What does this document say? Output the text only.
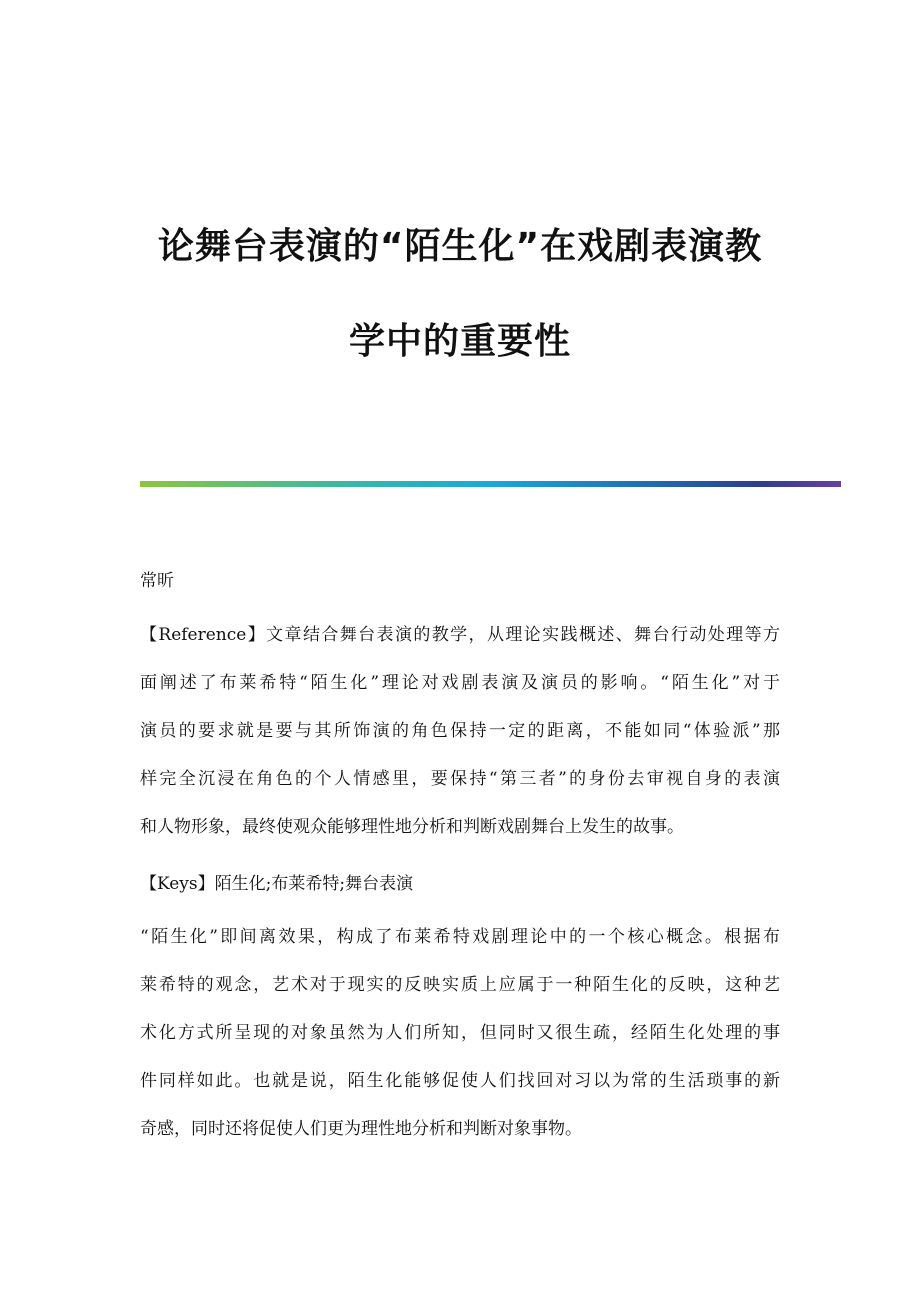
论舞台表演的“陌生化”在戏剧表演教
学中的重要性
常昕
【Reference】文章结合舞台表演的教学，从理论实践概述、舞台行动处理等方
面阐述了布莱希特“陌生化”理论对戏剧表演及演员的影响。“陌生化”对于
演员的要求就是要与其所饰演的角色保持一定的距离，不能如同“体验派”那
样完全沉浸在角色的个人情感里，要保持“第三者”的身份去审视自身的表演
和人物形象，最终使观众能够理性地分析和判断戏剧舞台上发生的故事。
【Keys】陌生化;布莱希特;舞台表演
“陌生化”即间离效果，构成了布莱希特戏剧理论中的一个核心概念。根据布
莱希特的观念，艺术对于现实的反映实质上应属于一种陌生化的反映，这种艺
术化方式所呈现的对象虽然为人们所知，但同时又很生疏，经陌生化处理的事
件同样如此。也就是说，陌生化能够促使人们找回对习以为常的生活琐事的新
奇感，同时还将促使人们更为理性地分析和判断对象事物。
